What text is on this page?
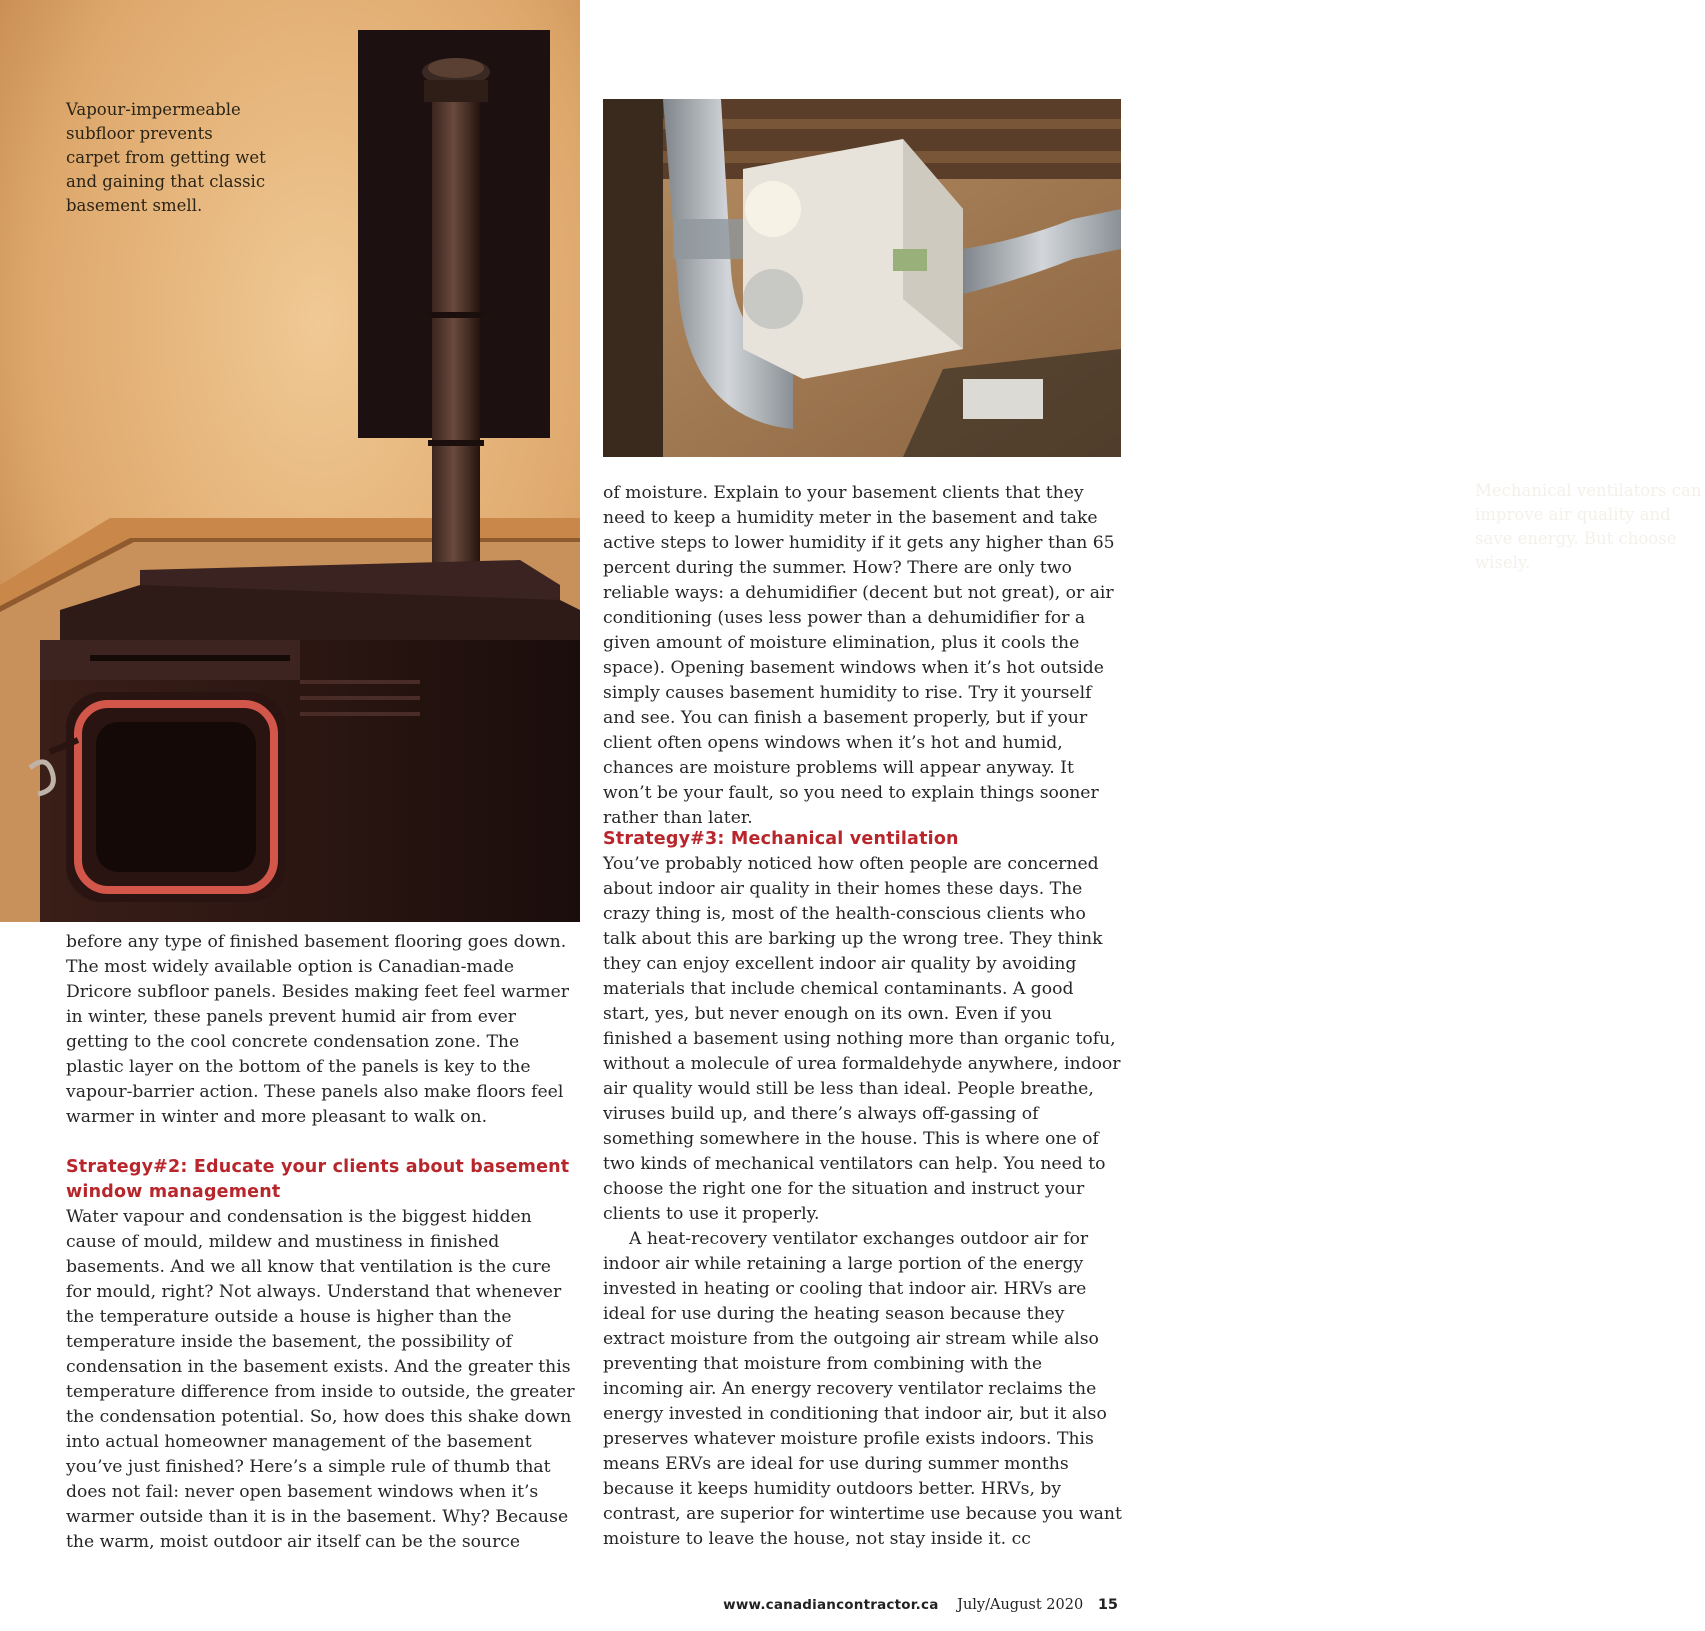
Vapour-impermeable subfloor prevents carpet from getting wet and gaining that classic basement smell.
Mechanical ventilators can improve air quality and save energy. But choose wisely.

before any type of finished basement flooring goes down. The most widely available option is Canadian-made Dricore subfloor panels. Besides making feet feel warmer in winter, these panels prevent humid air from ever getting to the cool concrete condensation zone. The plastic layer on the bottom of the panels is key to the vapour-barrier action. These panels also make floors feel warmer in winter and more pleasant to walk on.

Strategy#2: Educate your clients about basement window management

Water vapour and condensation is the biggest hidden cause of mould, mildew and mustiness in finished basements. And we all know that ventilation is the cure for mould, right? Not always. Understand that whenever the temperature outside a house is higher than the temperature inside the basement, the possibility of condensation in the basement exists. And the greater this temperature difference from inside to outside, the greater the condensation potential. So, how does this shake down into actual homeowner management of the basement you’ve just finished? Here’s a simple rule of thumb that does not fail: never open basement windows when it’s warmer outside than it is in the basement. Why? Because the warm, moist outdoor air itself can be the source

of moisture. Explain to your basement clients that they need to keep a humidity meter in the basement and take active steps to lower humidity if it gets any higher than 65 percent during the summer. How? There are only two reliable ways: a dehumidifier (decent but not great), or air conditioning (uses less power than a dehumidifier for a given amount of moisture elimination, plus it cools the space). Opening basement windows when it’s hot outside simply causes basement humidity to rise. Try it yourself and see. You can finish a basement properly, but if your client often opens windows when it’s hot and humid, chances are moisture problems will appear anyway. It won’t be your fault, so you need to explain things sooner rather than later.

Strategy#3: Mechanical ventilation

You’ve probably noticed how often people are concerned about indoor air quality in their homes these days. The crazy thing is, most of the health-conscious clients who talk about this are barking up the wrong tree. They think they can enjoy excellent indoor air quality by avoiding materials that include chemical contaminants. A good start, yes, but never enough on its own. Even if you finished a basement using nothing more than organic tofu, without a molecule of urea formaldehyde anywhere, indoor air quality would still be less than ideal. People breathe, viruses build up, and there’s always off-gassing of something somewhere in the house. This is where one of two kinds of mechanical ventilators can help. You need to choose the right one for the situation and instruct your clients to use it properly.

A heat-recovery ventilator exchanges outdoor air for indoor air while retaining a large portion of the energy invested in heating or cooling that indoor air. HRVs are ideal for use during the heating season because they extract moisture from the outgoing air stream while also preventing that moisture from combining with the incoming air. An energy recovery ventilator reclaims the energy invested in conditioning that indoor air, but it also preserves whatever moisture profile exists indoors. This means ERVs are ideal for use during summer months because it keeps humidity outdoors better. HRVs, by contrast, are superior for wintertime use because you want moisture to leave the house, not stay inside it. cc

www.canadiancontractor.ca July/August 2020 15
